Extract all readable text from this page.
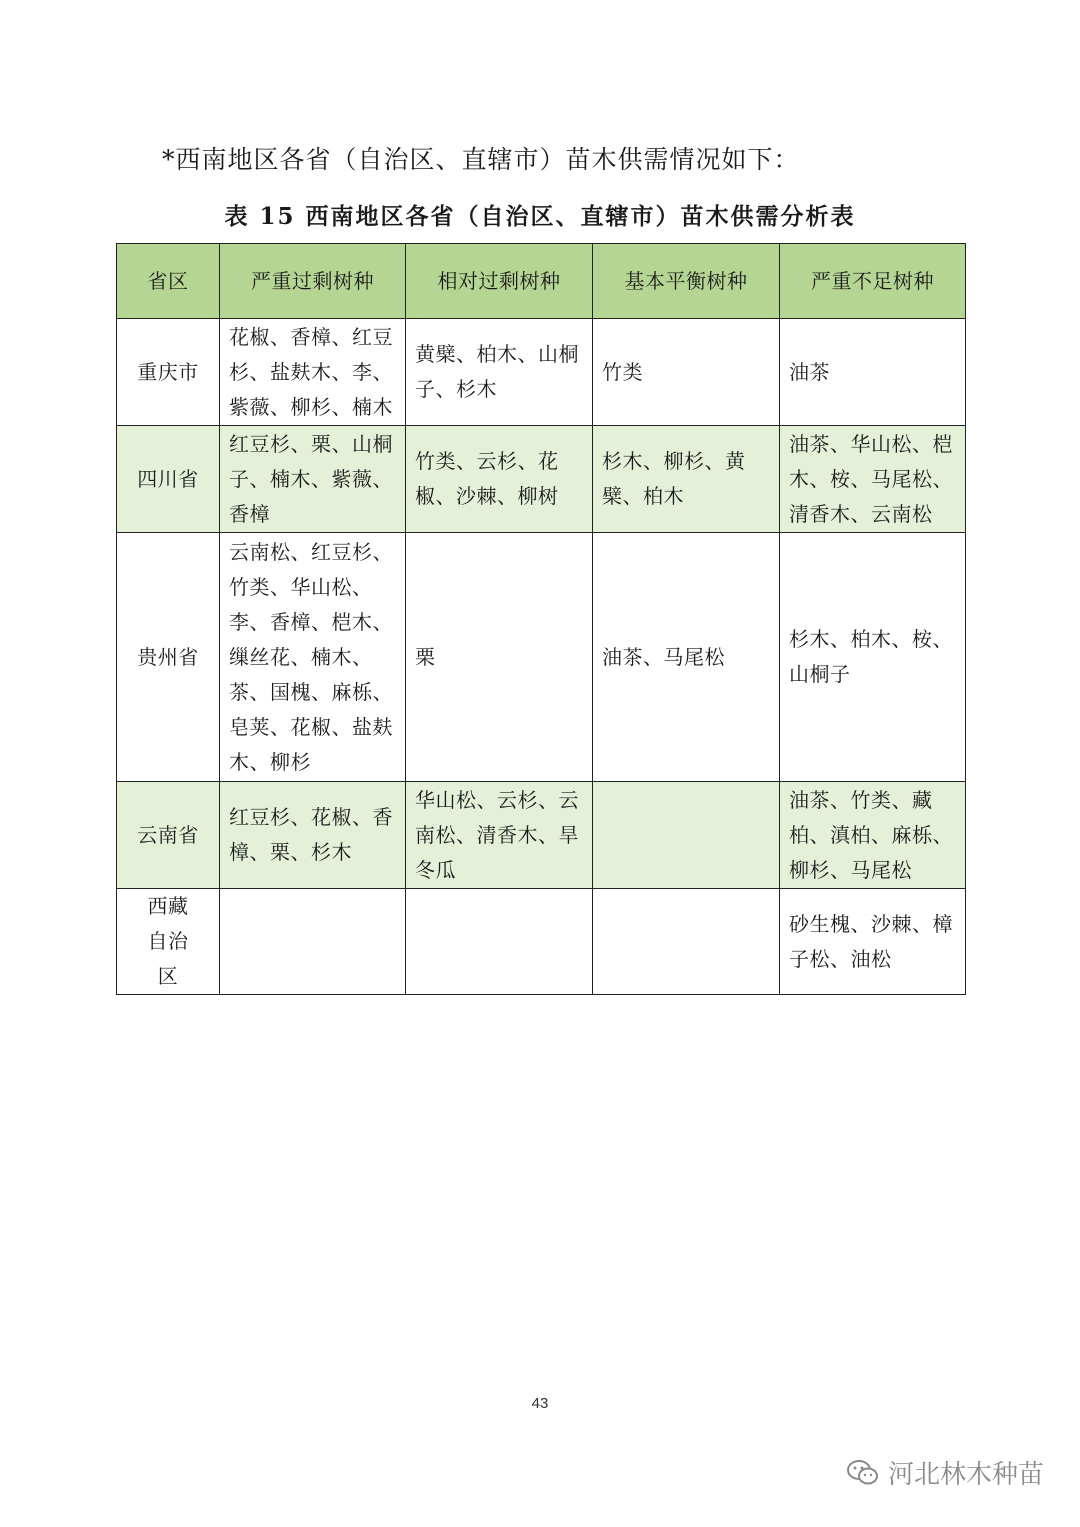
*西南地区各省（自治区、直辖市）苗木供需情况如下：
表 15 西南地区各省（自治区、直辖市）苗木供需分析表
省区	严重过剩树种	相对过剩树种	基本平衡树种	严重不足树种
重庆市	花椒、香樟、红豆杉、盐麸木、李、紫薇、柳杉、楠木	黄檗、柏木、山桐子、杉木	竹类	油茶
四川省	红豆杉、栗、山桐子、楠木、紫薇、香樟	竹类、云杉、花椒、沙棘、柳树	杉木、柳杉、黄檗、柏木	油茶、华山松、桤木、桉、马尾松、清香木、云南松
贵州省	云南松、红豆杉、竹类、华山松、李、香樟、桤木、缫丝花、楠木、茶、国槐、麻栎、皂荚、花椒、盐麸木、柳杉	栗	油茶、马尾松	杉木、柏木、桉、山桐子
云南省	红豆杉、花椒、香樟、栗、杉木	华山松、云杉、云南松、清香木、旱冬瓜		油茶、竹类、藏柏、滇柏、麻栎、柳杉、马尾松
西藏自治区				砂生槐、沙棘、樟子松、油松
43
河北林木种苗
